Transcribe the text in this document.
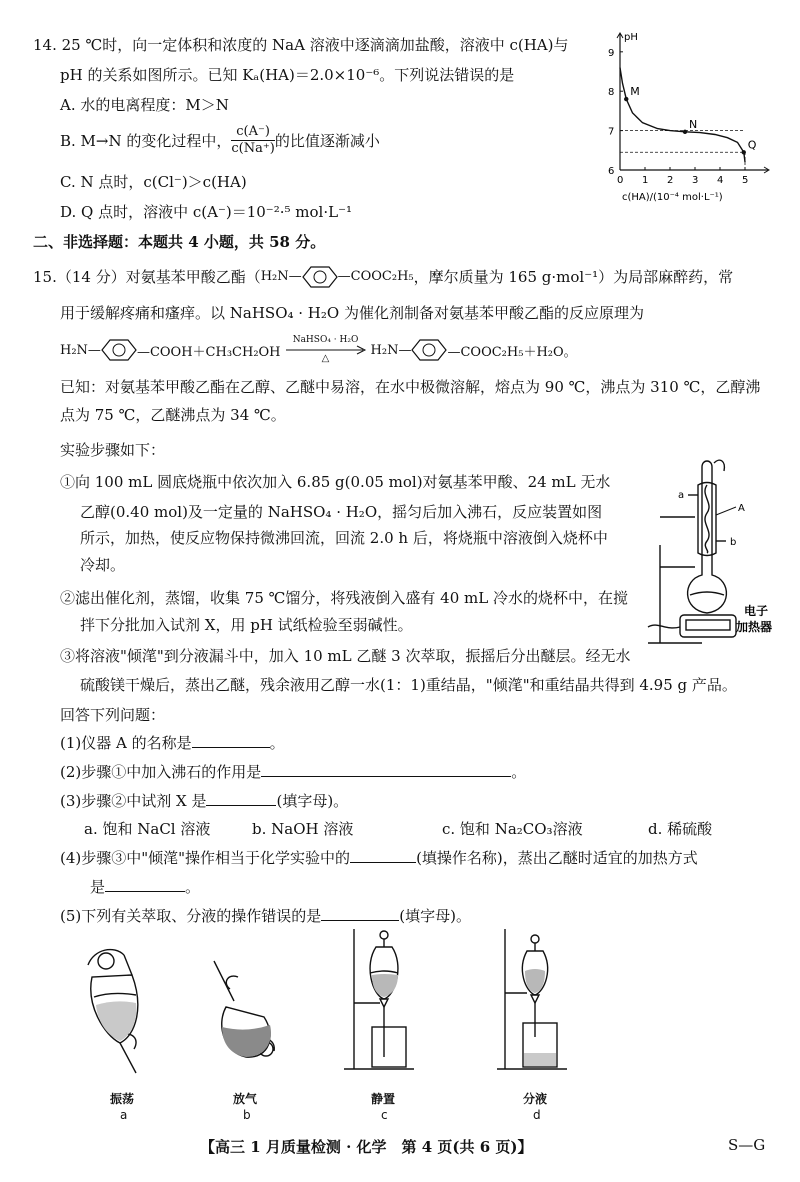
14. 25 ℃时，向一定体积和浓度的 NaA 溶液中逐滴滴加盐酸，溶液中 c(HA)与
pH 的关系如图所示。已知 Kₐ(HA)＝2.0×10⁻⁶。下列说法错误的是
A. 水的电离程度：M＞N
B. M→N 的变化过程中， $\frac{c(A^-)}{c(Na^+)}$ 的比值逐渐减小
C. N 点时，c(Cl⁻)＞c(HA)
D. Q 点时，溶液中 c(A⁻)＝10⁻²·⁵ mol·L⁻¹
pH
0 1 2 3 4 5
6
7
8
9
M
N
Q
c(HA)/(10⁻⁴ mol·L⁻¹)
二、非选择题：本题共 4 小题，共 58 分。
15.（14 分）对氨基苯甲酸乙酯（ H₂N—	—COOC₂H₅ ，摩尔质量为 165 g·mol⁻¹）为局部麻醉药，常
用于缓解疼痛和瘙痒。以 NaHSO₄ · H₂O 为催化剂制备对氨基苯甲酸乙酯的反应原理为
H₂N—	—COOH＋CH₃CH₂OH
NaHSO₄ · H₂O
△
H₂N—	—COOC₂H₅＋H₂O。
已知：对氨基苯甲酸乙酯在乙醇、乙醚中易溶，在水中极微溶解，熔点为 90 ℃，沸点为 310 ℃，乙醇沸
点为 75 ℃，乙醚沸点为 34 ℃。
实验步骤如下：
①向 100 mL 圆底烧瓶中依次加入 6.85 g(0.05 mol)对氨基苯甲酸、24 mL 无水
乙醇(0.40 mol)及一定量的 NaHSO₄ · H₂O，摇匀后加入沸石，反应装置如图
所示，加热，使反应物保持微沸回流，回流 2.0 h 后，将烧瓶中溶液倒入烧杯中
冷却。
②滤出催化剂，蒸馏，收集 75 ℃馏分，将残液倒入盛有 40 mL 冷水的烧杯中，在搅
拌下分批加入试剂 X，用 pH 试纸检验至弱碱性。
③将溶液"倾滗"到分液漏斗中，加入 10 mL 乙醚 3 次萃取，振摇后分出醚层。经无水
硫酸镁干燥后，蒸出乙醚，残余液用乙醇一水(1：1)重结晶，"倾滗"和重结晶共得到 4.95 g 产品。
a
A
b
电子
加热器
回答下列问题：
(1)仪器 A 的名称是	。
(2)步骤①中加入沸石的作用是	。
(3)步骤②中试剂 X 是	(填字母)。
a. 饱和 NaCl 溶液	b. NaOH 溶液	c. 饱和 Na₂CO₃溶液	d. 稀硫酸
(4)步骤③中"倾滗"操作相当于化学实验中的	(填操作名称)，蒸出乙醚时适宜的加热方式
是	。
(5)下列有关萃取、分液的操作错误的是	(填字母)。
振荡
a
放气
b
静置
c
分液
d
【高三 1 月质量检测 · 化学　第 4 页(共 6 页)】	S—G
